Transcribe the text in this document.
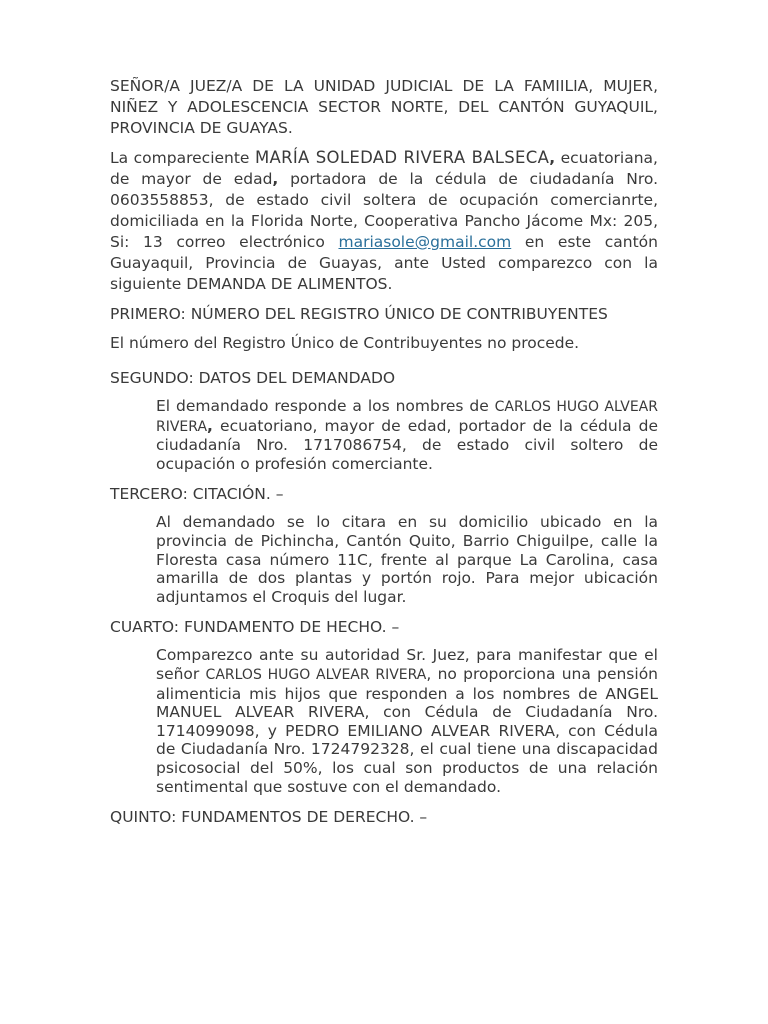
SEÑOR/A JUEZ/A DE LA UNIDAD JUDICIAL DE LA FAMIILIA, MUJER, NIÑEZ Y ADOLESCENCIA SECTOR NORTE, DEL CANTÓN GUYAQUIL, PROVINCIA DE GUAYAS.

La compareciente MARÍA SOLEDAD RIVERA BALSECA, ecuatoriana, de mayor de edad, portadora de la cédula de ciudadanía Nro. 0603558853, de estado civil soltera de ocupación comercianrte, domiciliada en la Florida Norte, Cooperativa Pancho Jácome Mx: 205, Si: 13 correo electrónico mariasole@gmail.com en este cantón Guayaquil, Provincia de Guayas, ante Usted comparezco con la siguiente DEMANDA DE ALIMENTOS.

PRIMERO: NÚMERO DEL REGISTRO ÚNICO DE CONTRIBUYENTES

El número del Registro Único de Contribuyentes no procede.

SEGUNDO: DATOS DEL DEMANDADO

El demandado responde a los nombres de CARLOS HUGO ALVEAR RIVERA, ecuatoriano, mayor de edad, portador de la cédula de ciudadanía Nro. 1717086754, de estado civil soltero de ocupación o profesión comerciante.

TERCERO: CITACIÓN. –

Al demandado se lo citara en su domicilio ubicado en la provincia de Pichincha, Cantón Quito, Barrio Chiguilpe, calle la Floresta casa número 11C, frente al parque La Carolina, casa amarilla de dos plantas y portón rojo. Para mejor ubicación adjuntamos el Croquis del lugar.

CUARTO: FUNDAMENTO DE HECHO. –

Comparezco ante su autoridad Sr. Juez, para manifestar que el señor CARLOS HUGO ALVEAR RIVERA, no proporciona una pensión alimenticia mis hijos que responden a los nombres de ANGEL MANUEL ALVEAR RIVERA, con Cédula de Ciudadanía Nro. 1714099098, y PEDRO EMILIANO ALVEAR RIVERA, con Cédula de Ciudadanía Nro. 1724792328, el cual tiene una discapacidad psicosocial del 50%, los cual son productos de una relación sentimental que sostuve con el demandado.

QUINTO: FUNDAMENTOS DE DERECHO. –
